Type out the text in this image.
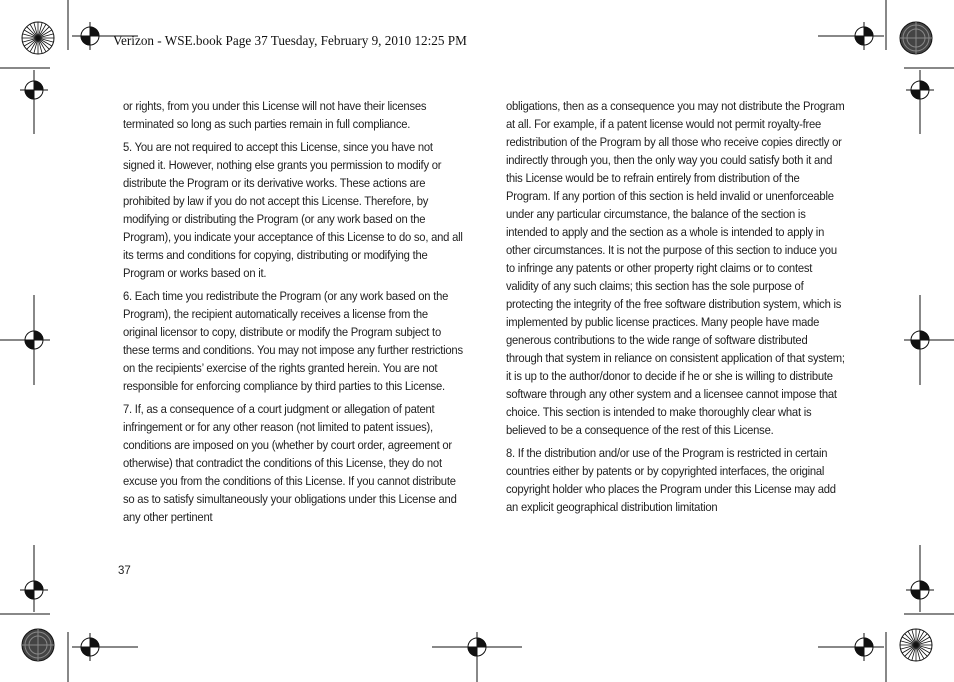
Verizon - WSE.book Page 37 Tuesday, February 9, 2010 12:25 PM

or rights, from you under this License will not have their licenses terminated so long as such parties remain in full compliance.

5. You are not required to accept this License, since you have not signed it. However, nothing else grants you permission to modify or distribute the Program or its derivative works. These actions are prohibited by law if you do not accept this License. Therefore, by modifying or distributing the Program (or any work based on the Program), you indicate your acceptance of this License to do so, and all its terms and conditions for copying, distributing or modifying the Program or works based on it.

6. Each time you redistribute the Program (or any work based on the Program), the recipient automatically receives a license from the original licensor to copy, distribute or modify the Program subject to these terms and conditions. You may not impose any further restrictions on the recipients’ exercise of the rights granted herein. You are not responsible for enforcing compliance by third parties to this License.

7. If, as a consequence of a court judgment or allegation of patent infringement or for any other reason (not limited to patent issues), conditions are imposed on you (whether by court order, agreement or otherwise) that contradict the conditions of this License, they do not excuse you from the conditions of this License. If you cannot distribute so as to satisfy simultaneously your obligations under this License and any other pertinent

obligations, then as a consequence you may not distribute the Program at all. For example, if a patent license would not permit royalty-free redistribution of the Program by all those who receive copies directly or indirectly through you, then the only way you could satisfy both it and this License would be to refrain entirely from distribution of the Program. If any portion of this section is held invalid or unenforceable under any particular circumstance, the balance of the section is intended to apply and the section as a whole is intended to apply in other circumstances. It is not the purpose of this section to induce you to infringe any patents or other property right claims or to contest validity of any such claims; this section has the sole purpose of protecting the integrity of the free software distribution system, which is implemented by public license practices. Many people have made generous contributions to the wide range of software distributed through that system in reliance on consistent application of that system; it is up to the author/donor to decide if he or she is willing to distribute software through any other system and a licensee cannot impose that choice. This section is intended to make thoroughly clear what is believed to be a consequence of the rest of this License.

8. If the distribution and/or use of the Program is restricted in certain countries either by patents or by copyrighted interfaces, the original copyright holder who places the Program under this License may add an explicit geographical distribution limitation

37
